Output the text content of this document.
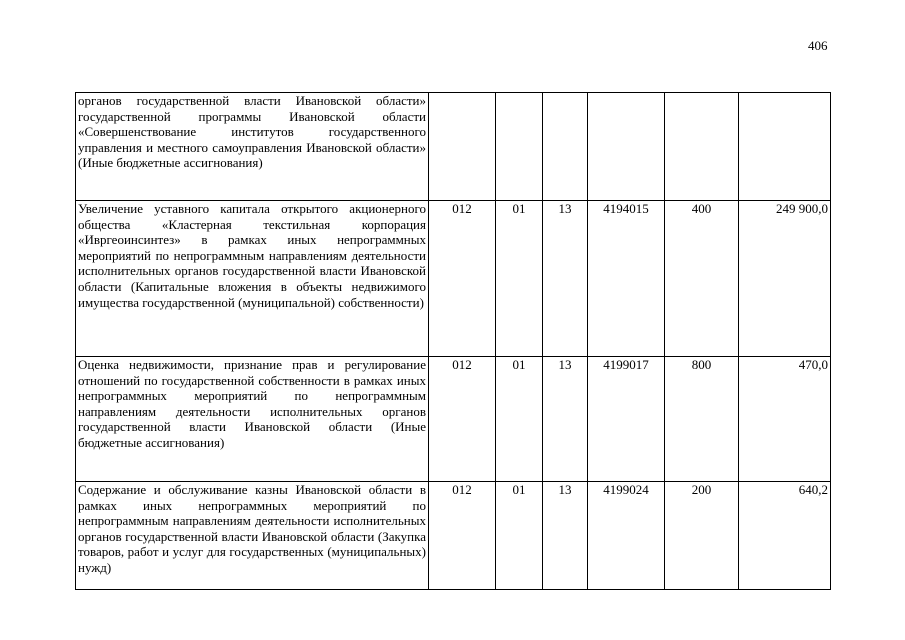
406
органов государственной власти Ивановской области» государственной программы Ивановской области «Совершенствование институтов государственного управления и местного самоуправления Ивановской области» (Иные бюджетные ассигнования)						
Увеличение уставного капитала открытого акционерного общества «Кластерная текстильная корпорация «Ивргеоинсинтез» в рамках иных непрограммных мероприятий по непрограммным направлениям деятельности исполнительных органов государственной власти Ивановской области (Капитальные вложения в объекты недвижимого имущества государственной (муниципальной) собственности)	012	01	13	4194015	400	249 900,0
Оценка недвижимости, признание прав и регулирование отношений по государственной собственности в рамках иных непрограммных мероприятий по непрограммным направлениям деятельности исполнительных органов государственной власти Ивановской области (Иные бюджетные ассигнования)	012	01	13	4199017	800	470,0
Содержание и обслуживание казны Ивановской области в рамках иных непрограммных мероприятий по непрограммным направлениям деятельности исполнительных органов государственной власти Ивановской области (Закупка товаров, работ и услуг для государственных (муниципальных) нужд)	012	01	13	4199024	200	640,2
